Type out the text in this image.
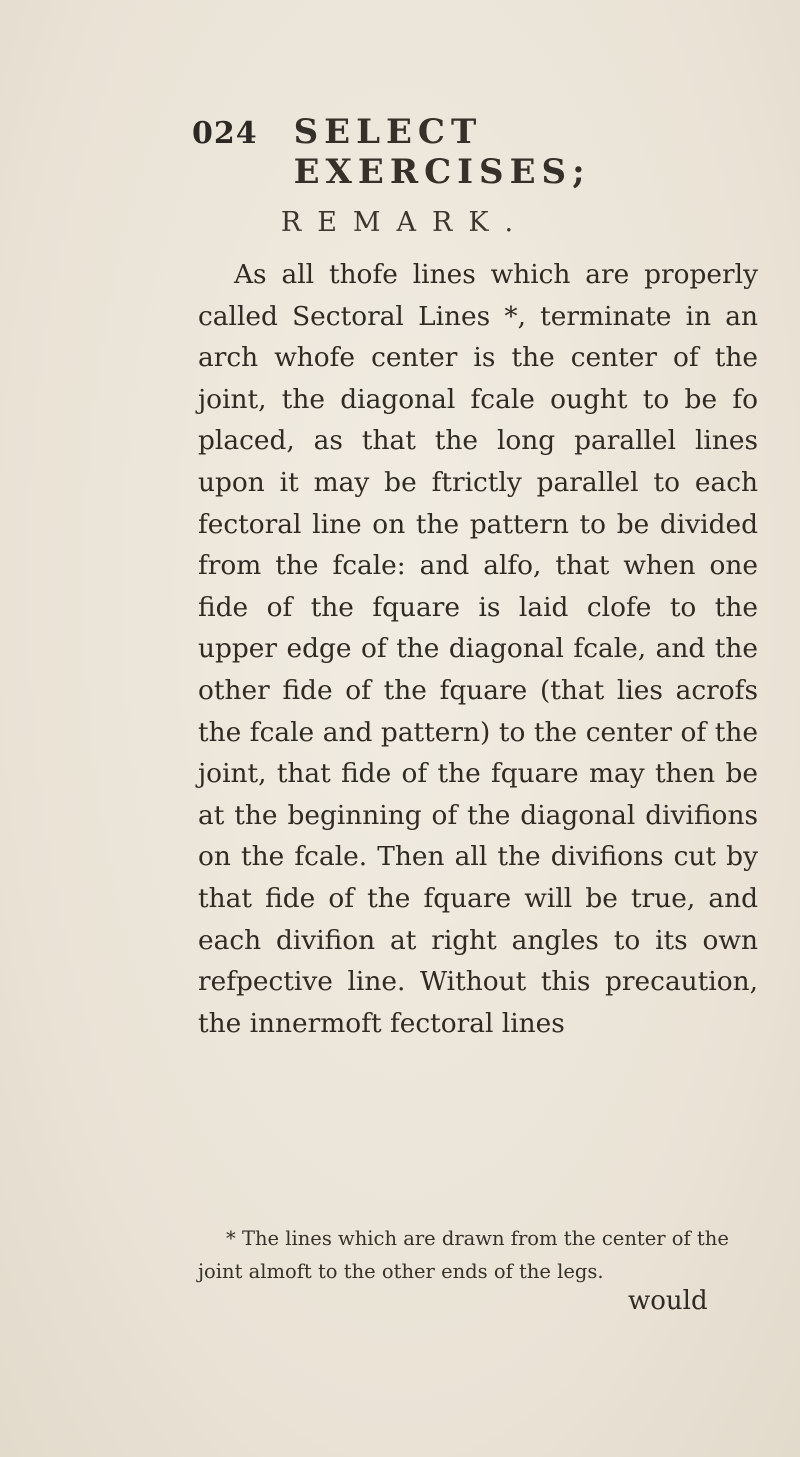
024 SELECT EXERCISES;
REMARK.

As all thofe lines which are properly called Sectoral Lines *, terminate in an arch whofe center is the center of the joint, the diagonal fcale ought to be fo placed, as that the long parallel lines upon it may be ftrictly parallel to each fectoral line on the pattern to be divided from the fcale: and alfo, that when one fide of the fquare is laid clofe to the upper edge of the diagonal fcale, and the other fide of the fquare (that lies acrofs the fcale and pattern) to the center of the joint, that fide of the fquare may then be at the beginning of the diagonal divifions on the fcale. Then all the divifions cut by that fide of the fquare will be true, and each divifion at right angles to its own refpective line. Without this precaution, the innermoft fectoral lines

* The lines which are drawn from the center of the joint almoft to the other ends of the legs.

would
